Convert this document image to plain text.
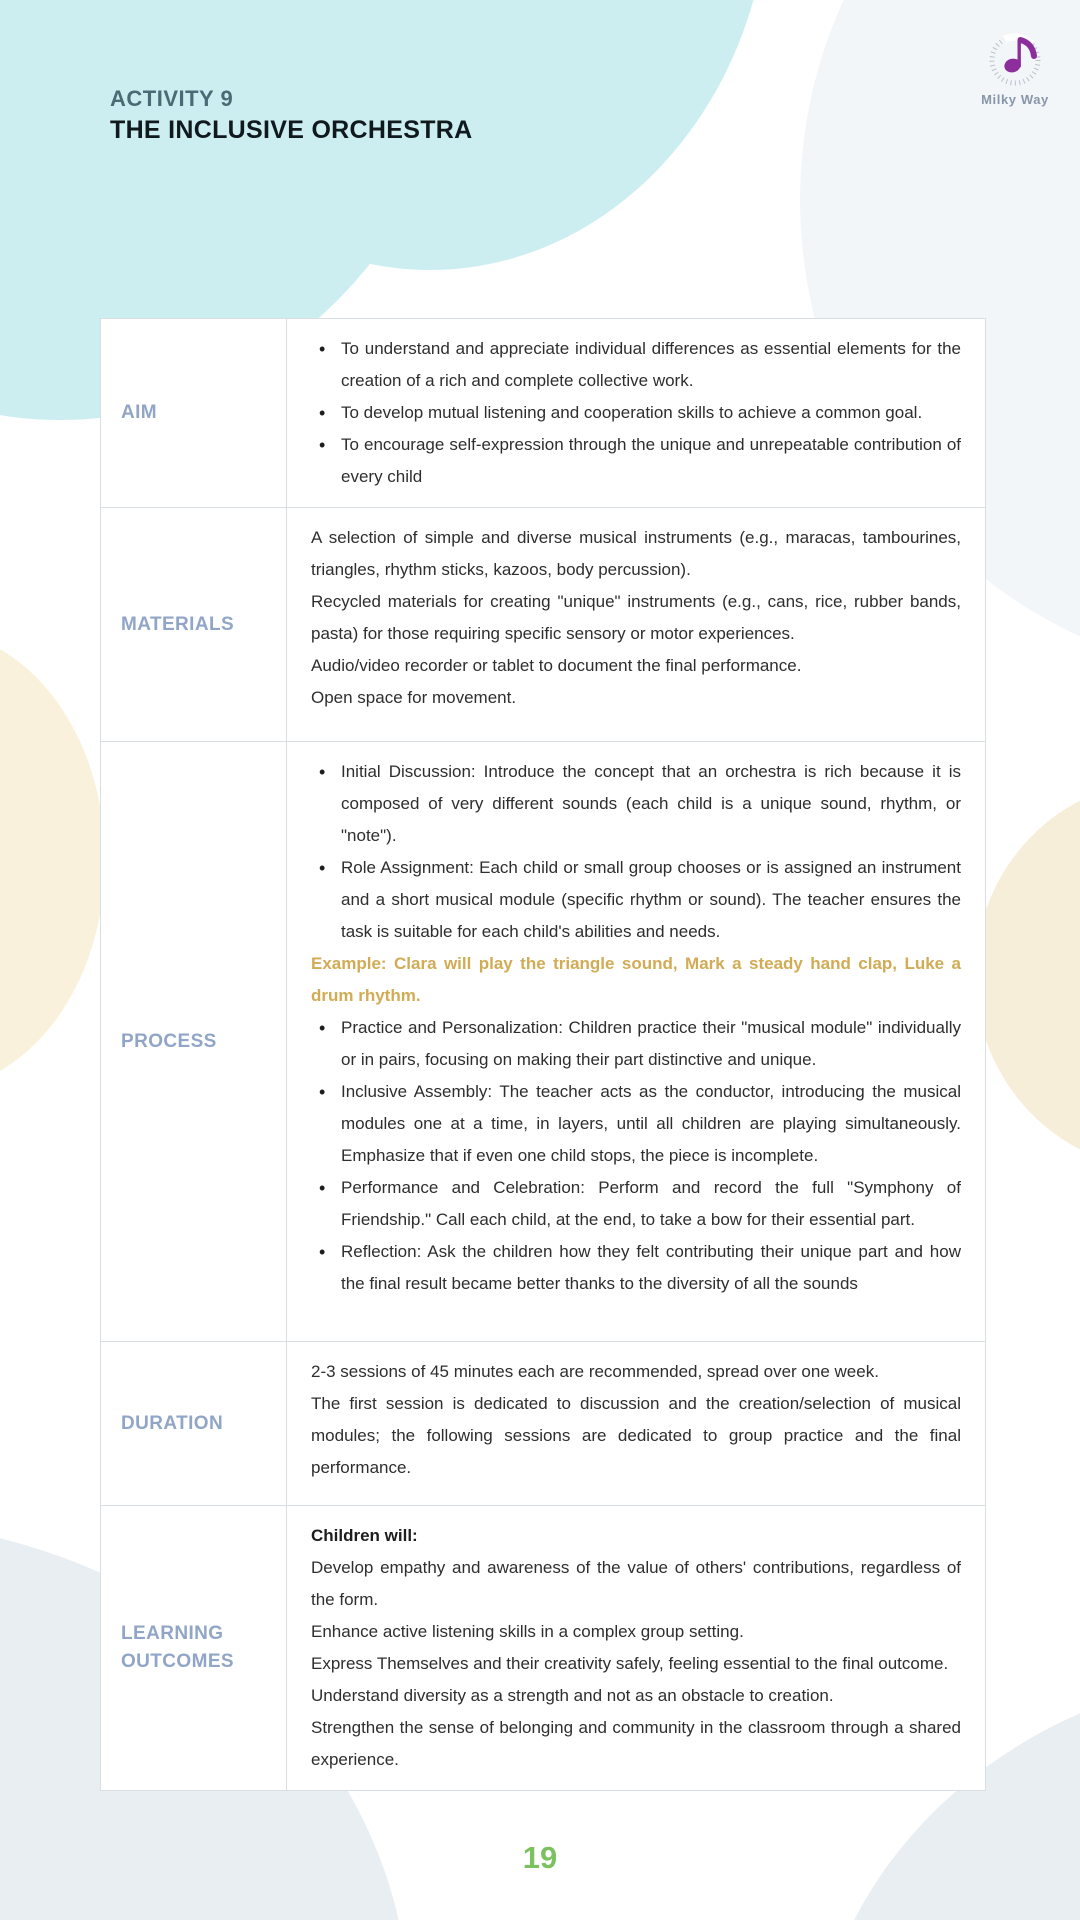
ACTIVITY 9
THE INCLUSIVE ORCHESTRA
Milky Way
AIM
• To understand and appreciate individual differences as essential elements for the creation of a rich and complete collective work.
• To develop mutual listening and cooperation skills to achieve a common goal.
• To encourage self-expression through the unique and unrepeatable contribution of every child
MATERIALS

A selection of simple and diverse musical instruments (e.g., maracas, tambourines, triangles, rhythm sticks, kazoos, body percussion).

Recycled materials for creating "unique" instruments (e.g., cans, rice, rubber bands, pasta) for those requiring specific sensory or motor experiences.

Audio/video recorder or tablet to document the final performance.

Open space for movement.

PROCESS
• Initial Discussion: Introduce the concept that an orchestra is rich because it is composed of very different sounds (each child is a unique sound, rhythm, or "note").
• Role Assignment: Each child or small group chooses or is assigned an instrument and a short musical module (specific rhythm or sound). The teacher ensures the task is suitable for each child's abilities and needs.

Example: Clara will play the triangle sound, Mark a steady hand clap, Luke a drum rhythm.

• Practice and Personalization: Children practice their "musical module" individually or in pairs, focusing on making their part distinctive and unique.
• Inclusive Assembly: The teacher acts as the conductor, introducing the musical modules one at a time, in layers, until all children are playing simultaneously. Emphasize that if even one child stops, the piece is incomplete.
• Performance and Celebration: Perform and record the full "Symphony of Friendship." Call each child, at the end, to take a bow for their essential part.
• Reflection: Ask the children how they felt contributing their unique part and how the final result became better thanks to the diversity of all the sounds
DURATION

2-3 sessions of 45 minutes each are recommended, spread over one week.

The first session is dedicated to discussion and the creation/selection of musical modules; the following sessions are dedicated to group practice and the final performance.

LEARNING OUTCOMES

Children will:

Develop empathy and awareness of the value of others' contributions, regardless of the form.

Enhance active listening skills in a complex group setting.

Express Themselves and their creativity safely, feeling essential to the final outcome.

Understand diversity as a strength and not as an obstacle to creation.

Strengthen the sense of belonging and community in the classroom through a shared experience.

19
